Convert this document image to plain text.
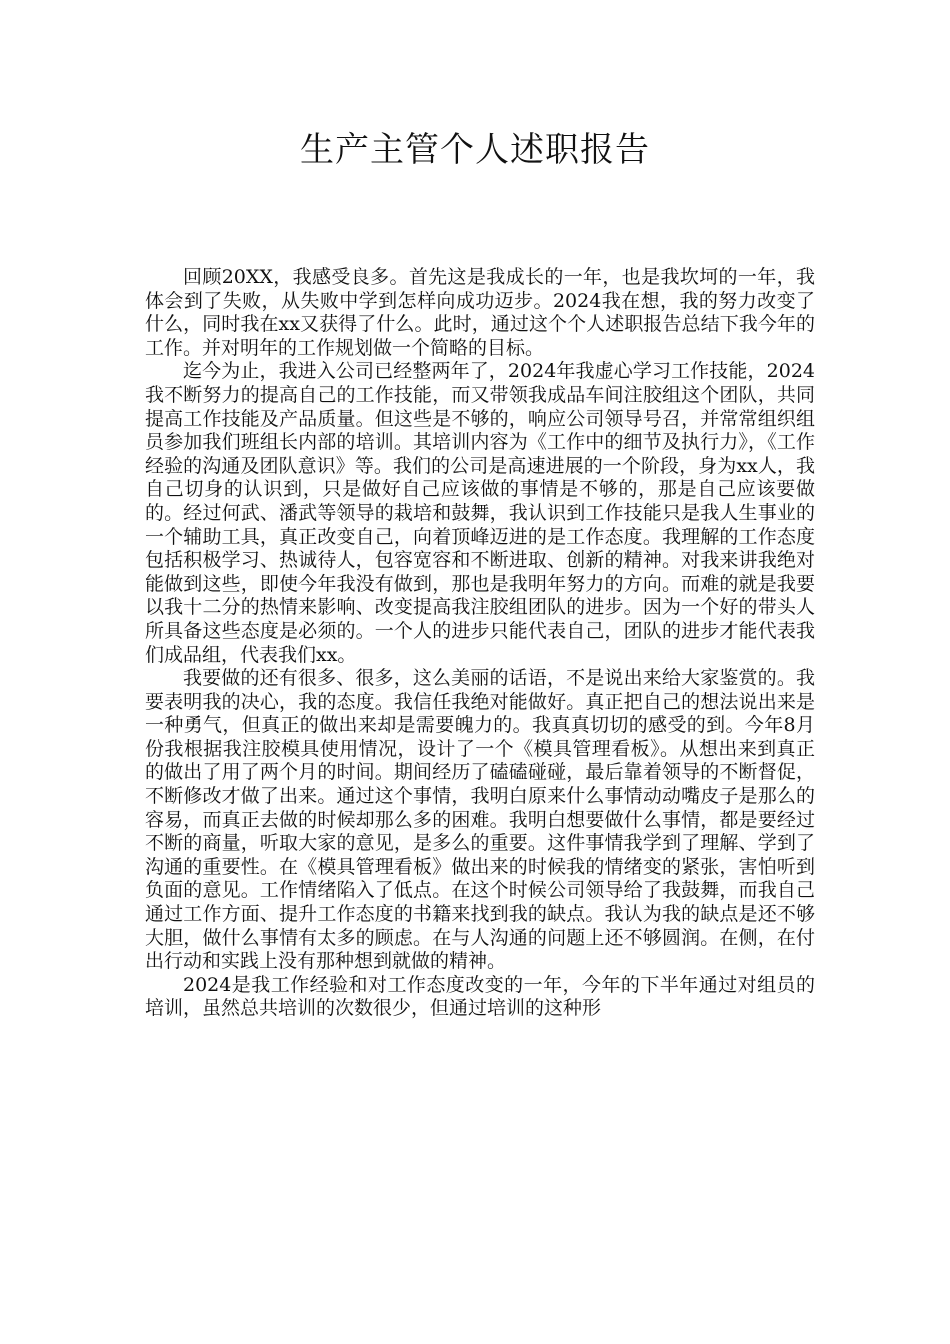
生产主管个人述职报告

回顾20XX，我感受良多。首先这是我成长的一年，也是我坎坷的一年，我体会到了失败，从失败中学到怎样向成功迈步。2024我在想，我的努力改变了什么，同时我在xx又获得了什么。此时，通过这个个人述职报告总结下我今年的工作。并对明年的工作规划做一个简略的目标。

迄今为止，我进入公司已经整两年了，2024年我虚心学习工作技能，2024我不断努力的提高自己的工作技能，而又带领我成品车间注胶组这个团队，共同提高工作技能及产品质量。但这些是不够的，响应公司领导号召，并常常组织组员参加我们班组长内部的培训。其培训内容为《工作中的细节及执行力》，《工作经验的沟通及团队意识》等。我们的公司是高速进展的一个阶段，身为xx人，我自己切身的认识到，只是做好自己应该做的事情是不够的，那是自己应该要做的。经过何武、潘武等领导的栽培和鼓舞，我认识到工作技能只是我人生事业的一个辅助工具，真正改变自己，向着顶峰迈进的是工作态度。我理解的工作态度包括积极学习、热诚待人，包容宽容和不断进取、创新的精神。对我来讲我绝对能做到这些，即使今年我没有做到，那也是我明年努力的方向。而难的就是我要以我十二分的热情来影响、改变提高我注胶组团队的进步。因为一个好的带头人所具备这些态度是必须的。一个人的进步只能代表自己，团队的进步才能代表我们成品组，代表我们xx。

我要做的还有很多、很多，这么美丽的话语，不是说出来给大家鉴赏的。我要表明我的决心，我的态度。我信任我绝对能做好。真正把自己的想法说出来是一种勇气，但真正的做出来却是需要魄力的。我真真切切的感受的到。今年8月份我根据我注胶模具使用情况，设计了一个《模具管理看板》。从想出来到真正的做出了用了两个月的时间。期间经历了磕磕碰碰，最后靠着领导的不断督促，不断修改才做了出来。通过这个事情，我明白原来什么事情动动嘴皮子是那么的容易，而真正去做的时候却那么多的困难。我明白想要做什么事情，都是要经过不断的商量，听取大家的意见，是多么的重要。这件事情我学到了理解、学到了沟通的重要性。在《模具管理看板》做出来的时候我的情绪变的紧张，害怕听到负面的意见。工作情绪陷入了低点。在这个时候公司领导给了我鼓舞，而我自己通过工作方面、提升工作态度的书籍来找到我的缺点。我认为我的缺点是还不够大胆，做什么事情有太多的顾虑。在与人沟通的问题上还不够圆润。在侧，在付出行动和实践上没有那种想到就做的精神。

2024是我工作经验和对工作态度改变的一年，今年的下半年通过对组员的培训，虽然总共培训的次数很少，但通过培训的这种形
